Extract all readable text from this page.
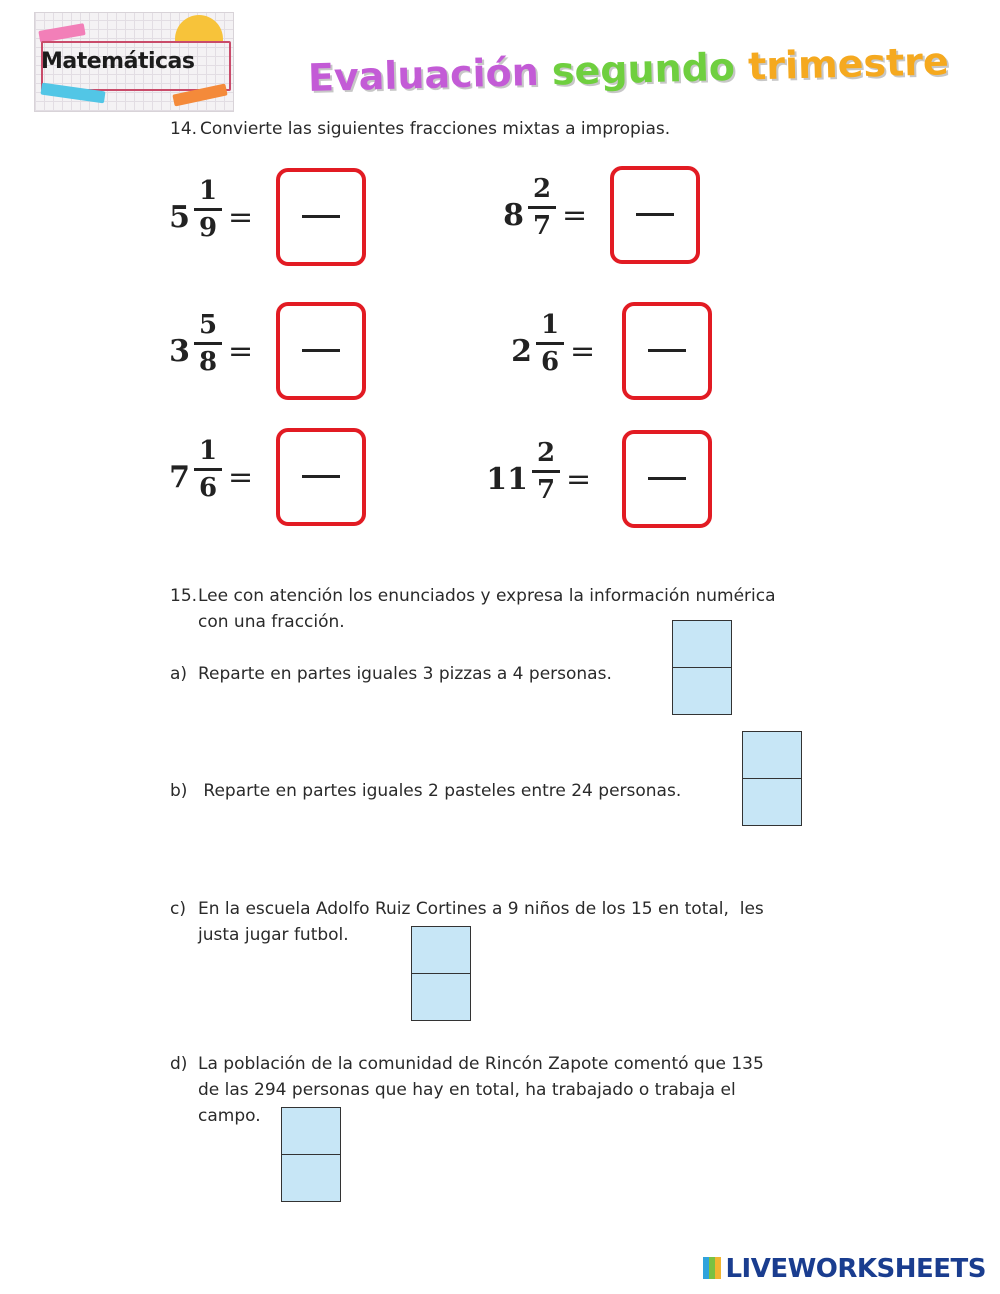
Matemáticas	Evaluación segundo trimestre
14. Convierte las siguientes fracciones mixtas a impropias.
5
1
9 =	8
2
7 =
3
5
8 =	2
1
6 =
7
1
6 =	11
2
7 =
15. Lee con atención los enunciados y expresa la información numérica
con una fracción.
a) Reparte en partes iguales 3 pizzas a 4 personas.
b) Reparte en partes iguales 2 pasteles entre 24 personas.
c) En la escuela Adolfo Ruiz Cortines a 9 niños de los 15 en total,  les
justa jugar futbol.
d) La población de la comunidad de Rincón Zapote comentó que 135
de las 294 personas que hay en total, ha trabajado o trabaja el
campo.
LIVEWORKSHEETS
